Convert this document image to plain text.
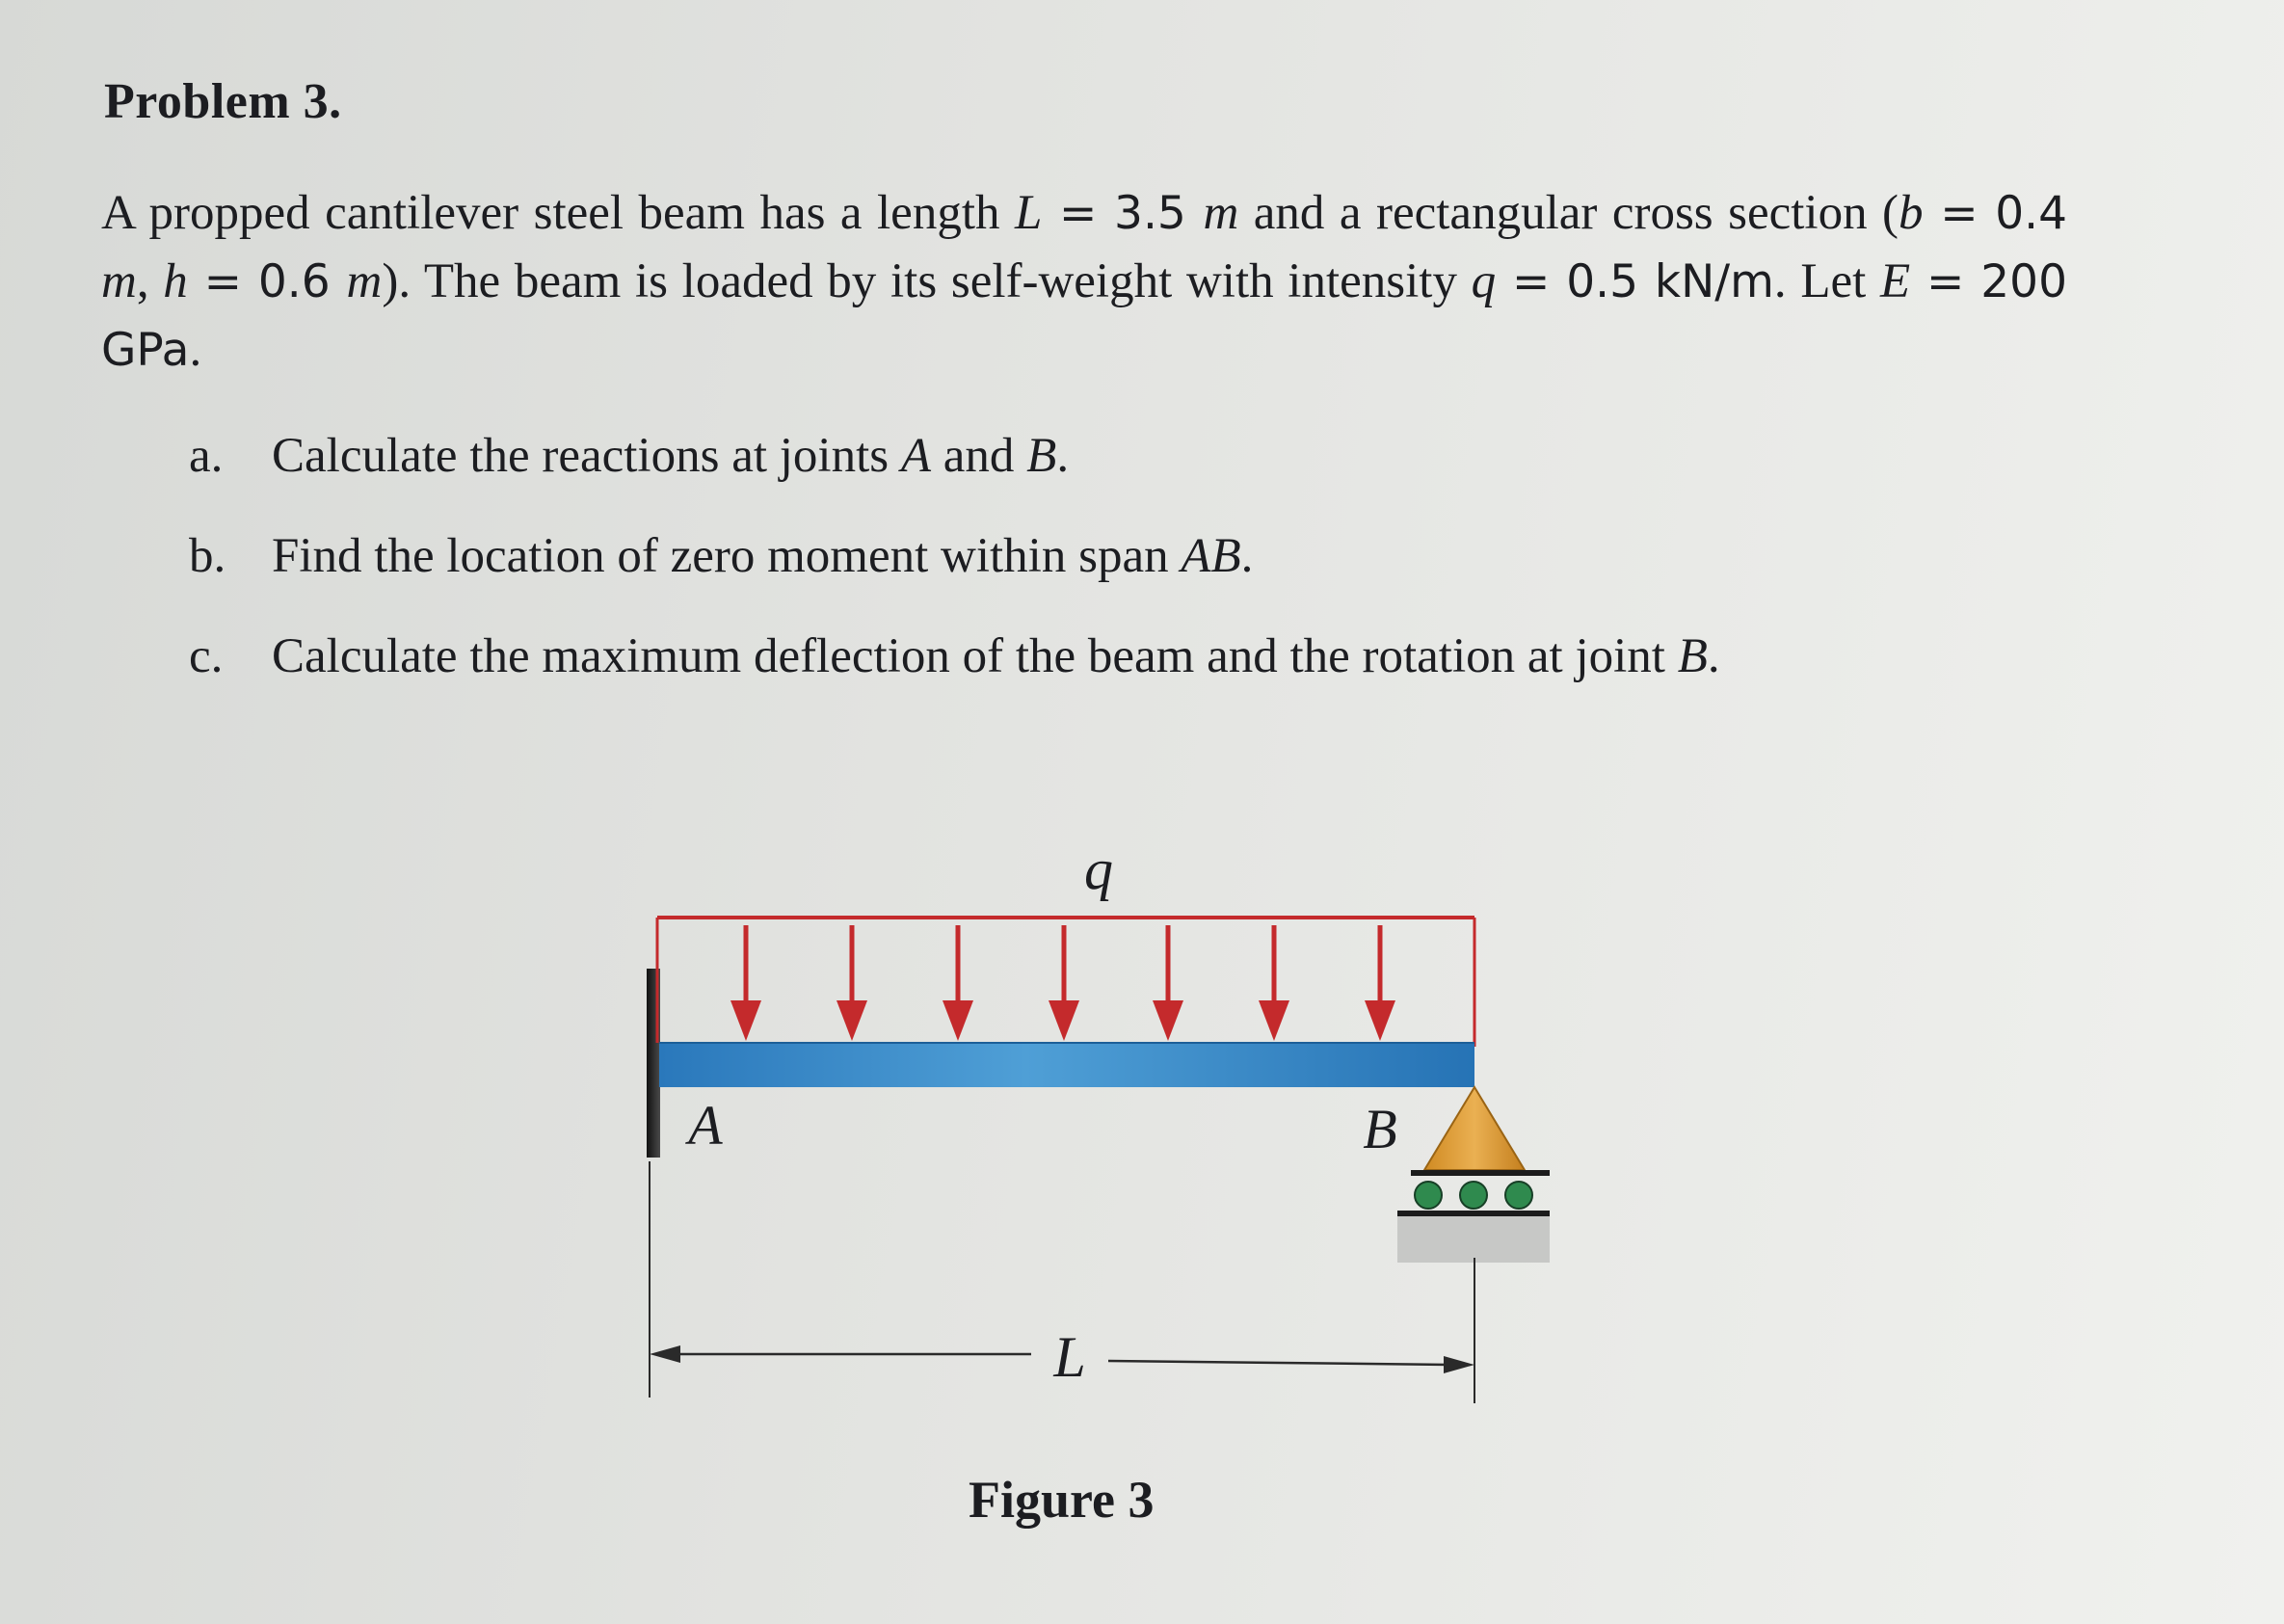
Problem 3.
A propped cantilever steel beam has a length L = 3.5 m and a rectangular cross section (b = 0.4 m, h = 0.6 m). The beam is loaded by its self-weight with intensity q = 0.5 kN/m. Let E = 200 GPa.
a. Calculate the reactions at joints A and B.
b. Find the location of zero moment within span AB.
c. Calculate the maximum deflection of the beam and the rotation at joint B.
q
A	B
L
Figure 3
